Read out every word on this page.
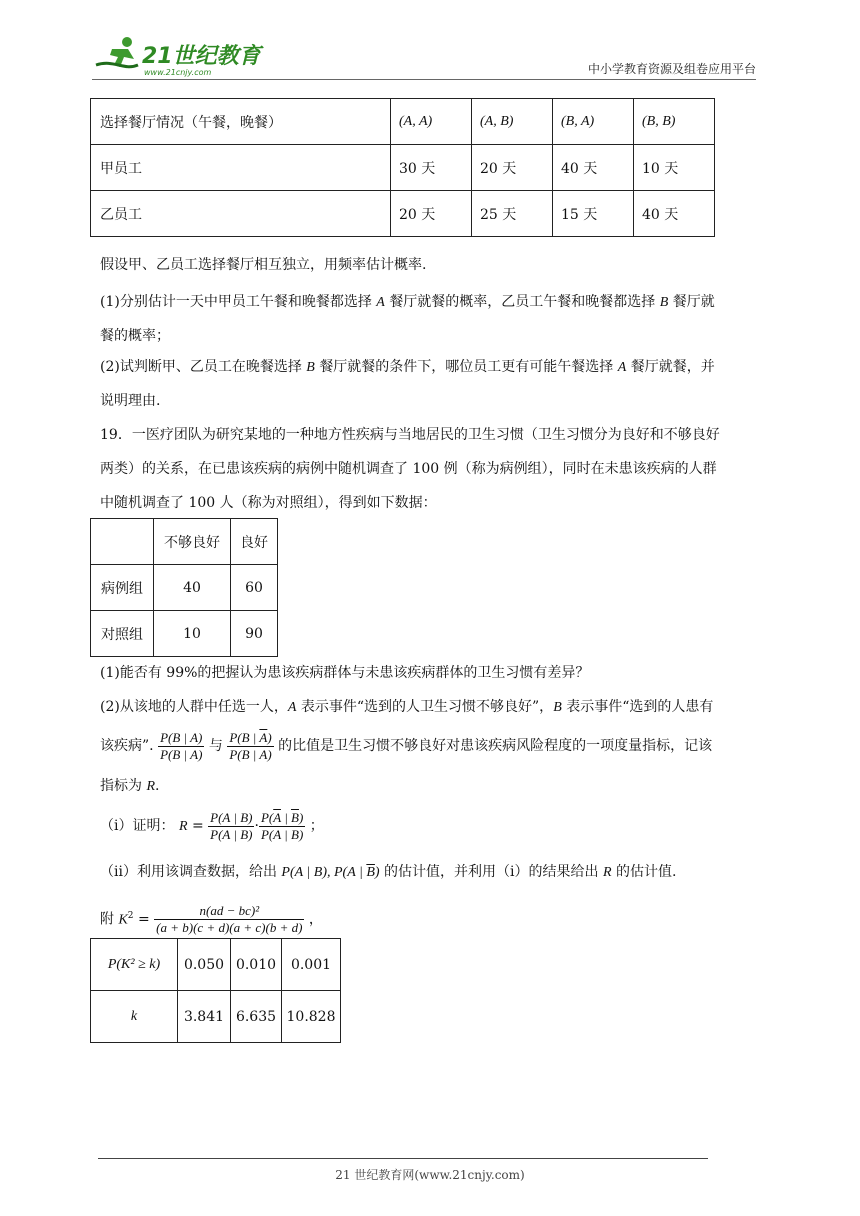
21世纪教育
www.21cnjy.com	中小学教育资源及组卷应用平台
选择餐厅情况（午餐，晚餐）	(A, A)	(A, B)	(B, A)	(B, B)
甲员工	30 天	20 天	40 天	10 天
乙员工	20 天	25 天	15 天	40 天
假设甲、乙员工选择餐厅相互独立，用频率估计概率.
(1)分别估计一天中甲员工午餐和晚餐都选择 A 餐厅就餐的概率，乙员工午餐和晚餐都选择 B 餐厅就
餐的概率；
(2)试判断甲、乙员工在晚餐选择 B 餐厅就餐的条件下，哪位员工更有可能午餐选择 A 餐厅就餐，并
说明理由.
19．一医疗团队为研究某地的一种地方性疾病与当地居民的卫生习惯（卫生习惯分为良好和不够良好
两类）的关系，在已患该疾病的病例中随机调查了 100 例（称为病例组），同时在未患该疾病的人群
中随机调查了 100 人（称为对照组），得到如下数据：
	不够良好	良好
病例组	40	60
对照组	10	90
(1)能否有 99%的把握认为患该疾病群体与未患该疾病群体的卫生习惯有差异？
(2)从该地的人群中任选一人，A 表示事件“选到的人卫生习惯不够良好”，B 表示事件“选到的人患有
该疾病”. $\frac{P(B | A)}{P(\overline{B} | A)}$ 与 $\frac{P(B | \overline{A})}{P(\overline{B} | \overline{A})}$ 的比值是卫生习惯不够良好对患该疾病风险程度的一项度量指标，记该
指标为 R.
（ⅰ）证明： $R = \frac{P(A | B)}{P(\overline{A} | B)} \cdot \frac{P(\overline{A} | \overline{B})}{P(A | \overline{B})}$ ；
（ⅱ）利用该调查数据，给出 P(A | B), P(A | $\overline{B}$) 的估计值，并利用（ⅰ）的结果给出 R 的估计值.
附 $K^2 = \frac{\text{n(ad − bc)²}}{(a + b)(c + d)(a + c)(b + d)}$ ，
P(K² ≥ k)	0.050	0.010	0.001
k	3.841	6.635	10.828
21 世纪教育网(www.21cnjy.com)
